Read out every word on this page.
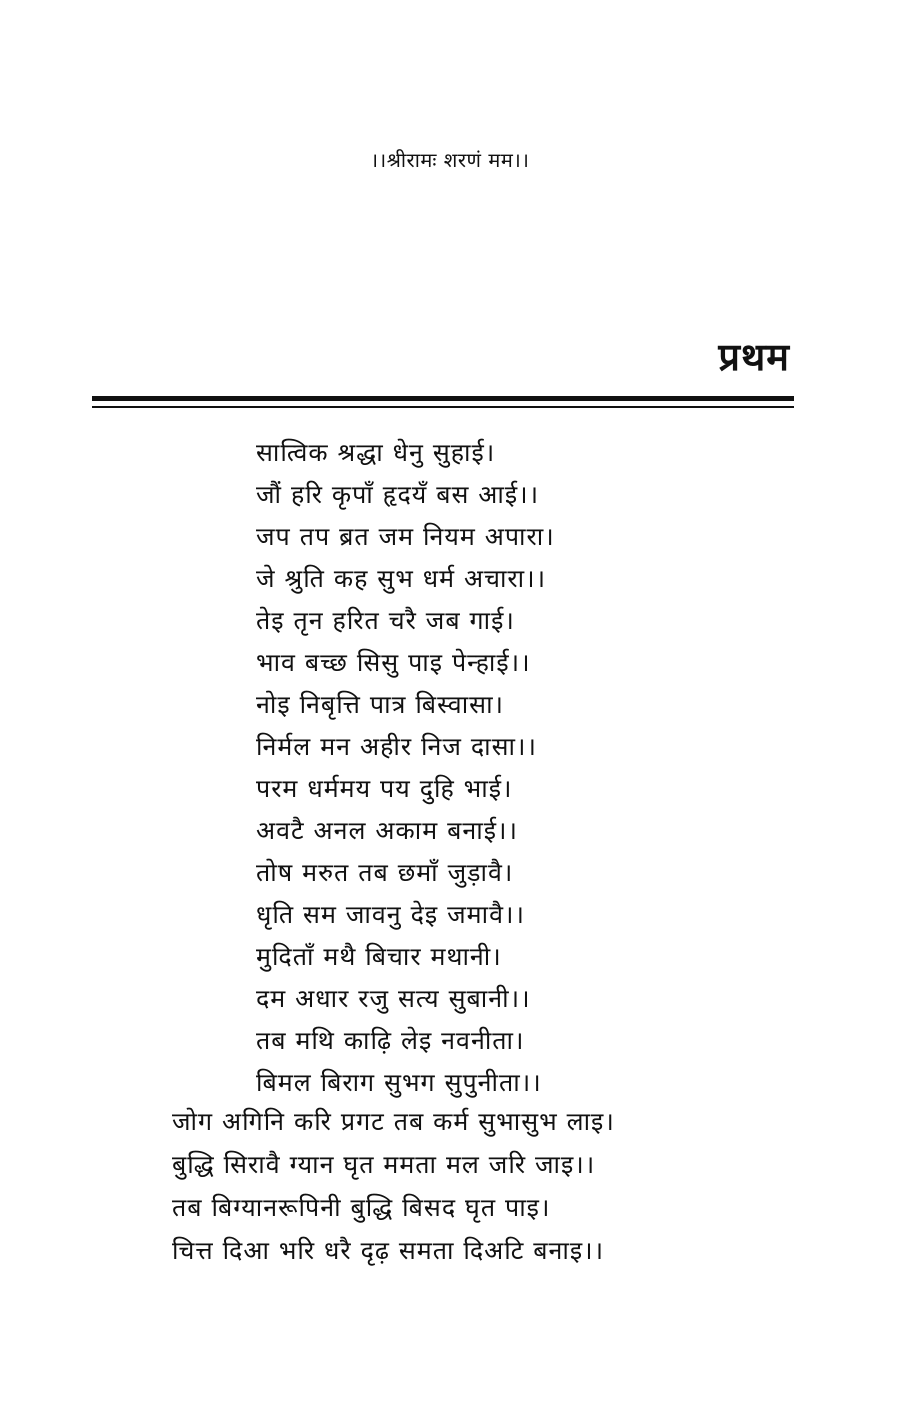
।।श्रीरामः शरणं मम।।
प्रथम
सात्विक श्रद्धा धेनु सुहाई।
जौं हरि कृपाँ हृदयँ बस आई।।
जप तप ब्रत जम नियम अपारा।
जे श्रुति कह सुभ धर्म अचारा।।
तेइ तृन हरित चरै जब गाई।
भाव बच्छ सिसु पाइ पेन्हाई।।
नोइ निबृत्ति पात्र बिस्वासा।
निर्मल मन अहीर निज दासा।।
परम धर्ममय पय दुहि भाई।
अवटै अनल अकाम बनाई।।
तोष मरुत तब छमाँ जुड़ावै।
धृति सम जावनु देइ जमावै।।
मुदिताँ मथै बिचार मथानी।
दम अधार रजु सत्य सुबानी।।
तब मथि काढ़ि लेइ नवनीता।
बिमल बिराग सुभग सुपुनीता।।
जोग अगिनि करि प्रगट तब कर्म सुभासुभ लाइ।
बुद्धि सिरावै ग्यान घृत ममता मल जरि जाइ।।
तब बिग्यानरूपिनी बुद्धि बिसद घृत पाइ।
चित्त दिआ भरि धरै दृढ़ समता दिअटि बनाइ।।
